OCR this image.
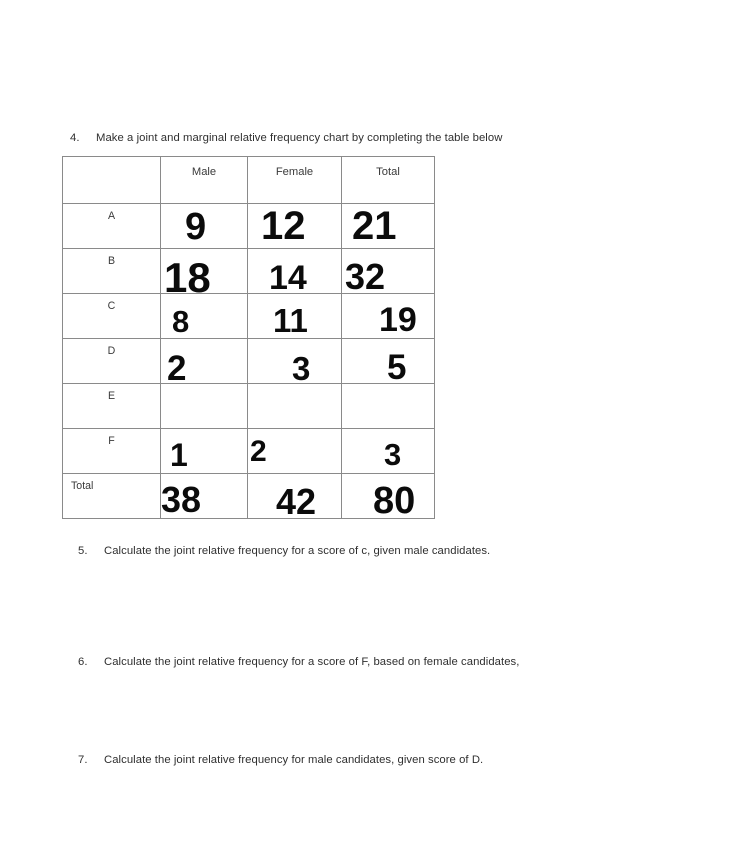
4.	Make a joint and marginal relative frequency chart by completing the table below

	Male	Female	Total

A	9	12	21

B	18	14	32

C	8	11	19

D	2	3	5

E			

F	1	2	3

Total	38	42	80
5.	Calculate the joint relative frequency for a score of c, given male candidates.
6.	Calculate the joint relative frequency for a score of F, based on female candidates,
7.	Calculate the joint relative frequency for male candidates, given score of D.
